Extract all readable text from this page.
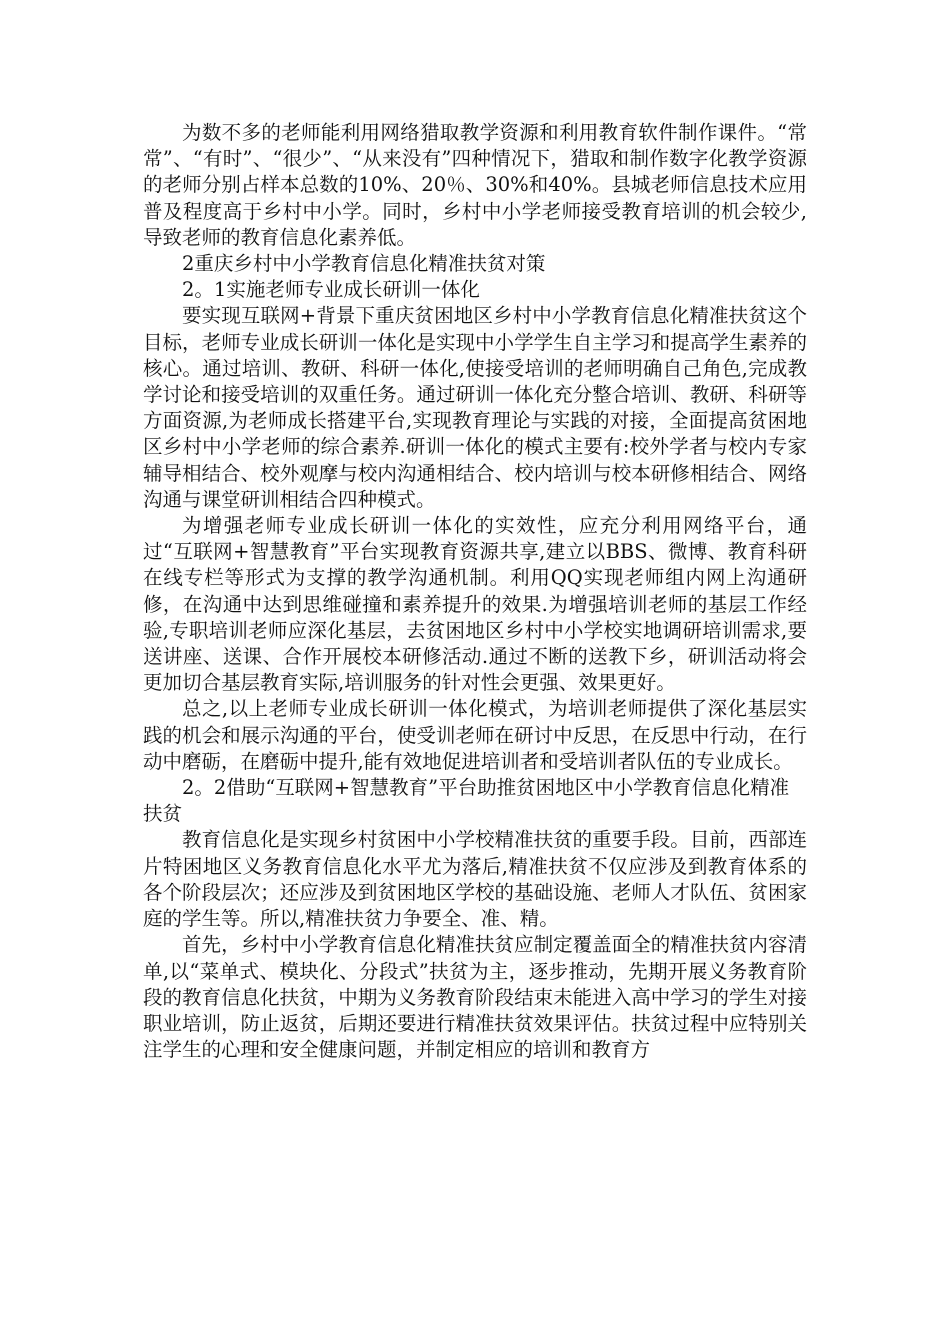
为数不多的老师能利用网络猎取教学资源和利用教育软件制作课件。“常常”、“有时”、“很少”、“从来没有”四种情况下，猎取和制作数字化教学资源的老师分别占样本总数的10%、20％、30%和40%。县城老师信息技术应用普及程度高于乡村中小学。同时，乡村中小学老师接受教育培训的机会较少,导致老师的教育信息化素养低。

2重庆乡村中小学教育信息化精准扶贫对策

2。1实施老师专业成长研训一体化

要实现互联网+背景下重庆贫困地区乡村中小学教育信息化精准扶贫这个目标，老师专业成长研训一体化是实现中小学学生自主学习和提高学生素养的核心。通过培训、教研、科研一体化,使接受培训的老师明确自己角色,完成教学讨论和接受培训的双重任务。通过研训一体化充分整合培训、教研、科研等方面资源,为老师成长搭建平台,实现教育理论与实践的对接，全面提高贫困地区乡村中小学老师的综合素养.研训一体化的模式主要有:校外学者与校内专家辅导相结合、校外观摩与校内沟通相结合、校内培训与校本研修相结合、网络沟通与课堂研训相结合四种模式。

为增强老师专业成长研训一体化的实效性，应充分利用网络平台，通过“互联网+智慧教育”平台实现教育资源共享,建立以BBS、微博、教育科研在线专栏等形式为支撑的教学沟通机制。利用QQ实现老师组内网上沟通研修，在沟通中达到思维碰撞和素养提升的效果.为增强培训老师的基层工作经验,专职培训老师应深化基层，去贫困地区乡村中小学校实地调研培训需求,要送讲座、送课、合作开展校本研修活动.通过不断的送教下乡，研训活动将会更加切合基层教育实际,培训服务的针对性会更强、效果更好。

总之,以上老师专业成长研训一体化模式，为培训老师提供了深化基层实践的机会和展示沟通的平台，使受训老师在研讨中反思，在反思中行动，在行动中磨砺，在磨砺中提升,能有效地促进培训者和受培训者队伍的专业成长。

2。2借助“互联网+智慧教育”平台助推贫困地区中小学教育信息化精准扶贫

教育信息化是实现乡村贫困中小学校精准扶贫的重要手段。目前，西部连片特困地区义务教育信息化水平尤为落后,精准扶贫不仅应涉及到教育体系的各个阶段层次；还应涉及到贫困地区学校的基础设施、老师人才队伍、贫困家庭的学生等。所以,精准扶贫力争要全、准、精。

首先，乡村中小学教育信息化精准扶贫应制定覆盖面全的精准扶贫内容清单,以“菜单式、模块化、分段式”扶贫为主，逐步推动，先期开展义务教育阶段的教育信息化扶贫，中期为义务教育阶段结束未能进入高中学习的学生对接职业培训，防止返贫，后期还要进行精准扶贫效果评估。扶贫过程中应特别关注学生的心理和安全健康问题，并制定相应的培训和教育方
